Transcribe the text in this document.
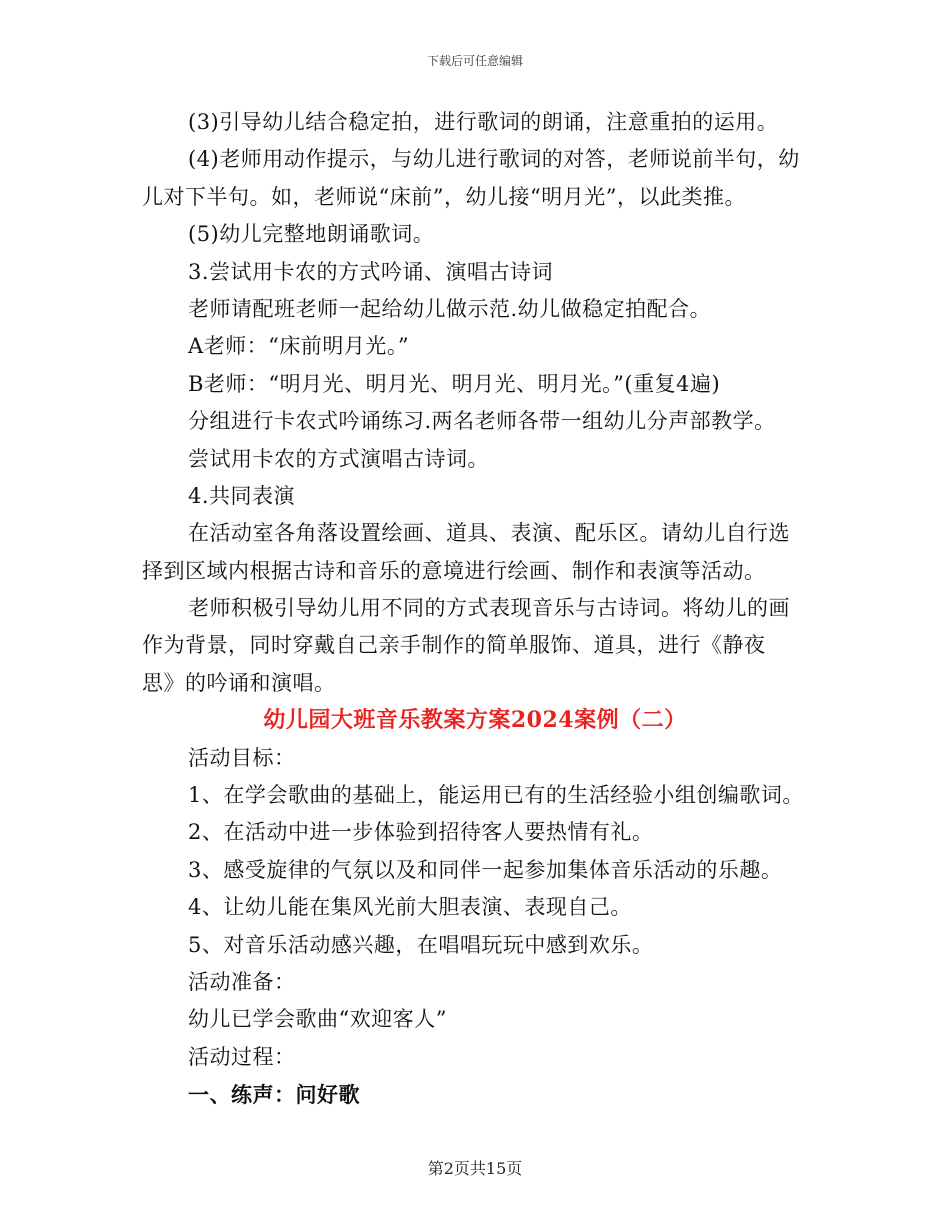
下载后可任意编辑
(3)引导幼儿结合稳定拍，进行歌词的朗诵，注意重拍的运用。
(4)老师用动作提示，与幼儿进行歌词的对答，老师说前半句，幼
儿对下半句。如，老师说“床前”，幼儿接“明月光”，以此类推。
(5)幼儿完整地朗诵歌词。
3.尝试用卡农的方式吟诵、演唱古诗词
老师请配班老师一起给幼儿做示范.幼儿做稳定拍配合。
A老师：“床前明月光。”
B老师：“明月光、明月光、明月光、明月光。”(重复4遍)
分组进行卡农式吟诵练习.两名老师各带一组幼儿分声部教学。
尝试用卡农的方式演唱古诗词。
4.共同表演
在活动室各角落设置绘画、道具、表演、配乐区。请幼儿自行选
择到区域内根据古诗和音乐的意境进行绘画、制作和表演等活动。
老师积极引导幼儿用不同的方式表现音乐与古诗词。将幼儿的画
作为背景，同时穿戴自己亲手制作的简单服饰、道具，进行《静夜
思》的吟诵和演唱。
幼儿园大班音乐教案方案2024案例（二）
活动目标：
1、在学会歌曲的基础上，能运用已有的生活经验小组创编歌词。
2、在活动中进一步体验到招待客人要热情有礼。
3、感受旋律的气氛以及和同伴一起参加集体音乐活动的乐趣。
4、让幼儿能在集风光前大胆表演、表现自己。
5、对音乐活动感兴趣，在唱唱玩玩中感到欢乐。
活动准备：
幼儿已学会歌曲“欢迎客人”
活动过程：
一、练声：问好歌
第2页共15页
